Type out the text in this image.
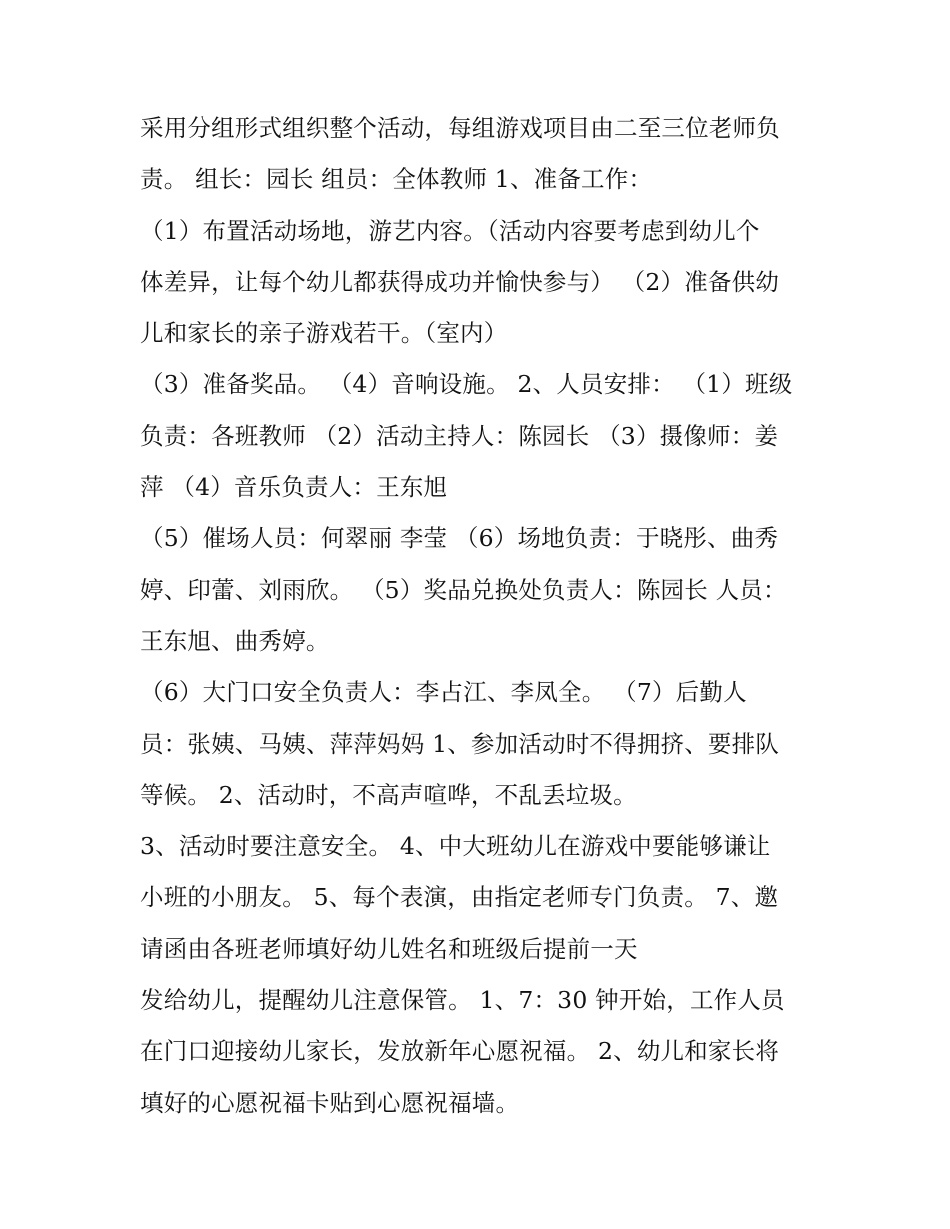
采用分组形式组织整个活动，每组游戏项目由二至三位老师负
责。 组长：园长 组员：全体教师 1、准备工作：
（1）布置活动场地，游艺内容。（活动内容要考虑到幼儿个
体差异，让每个幼儿都获得成功并愉快参与） （2）准备供幼
儿和家长的亲子游戏若干。（室内）
（3）准备奖品。 （4）音响设施。 2、人员安排： （1）班级
负责：各班教师 （2）活动主持人：陈园长 （3）摄像师：姜
萍 （4）音乐负责人：王东旭
（5）催场人员：何翠丽 李莹 （6）场地负责：于晓彤、曲秀
婷、印蕾、刘雨欣。 （5）奖品兑换处负责人：陈园长 人员：
王东旭、曲秀婷。
（6）大门口安全负责人：李占江、李凤全。 （7）后勤人
员：张姨、马姨、萍萍妈妈 1、参加活动时不得拥挤、要排队
等候。 2、活动时，不高声喧哗，不乱丢垃圾。
3、活动时要注意安全。 4、中大班幼儿在游戏中要能够谦让
小班的小朋友。 5、每个表演，由指定老师专门负责。 7、邀
请函由各班老师填好幼儿姓名和班级后提前一天
发给幼儿，提醒幼儿注意保管。 1、7：30 钟开始，工作人员
在门口迎接幼儿家长，发放新年心愿祝福。 2、幼儿和家长将
填好的心愿祝福卡贴到心愿祝福墙。
